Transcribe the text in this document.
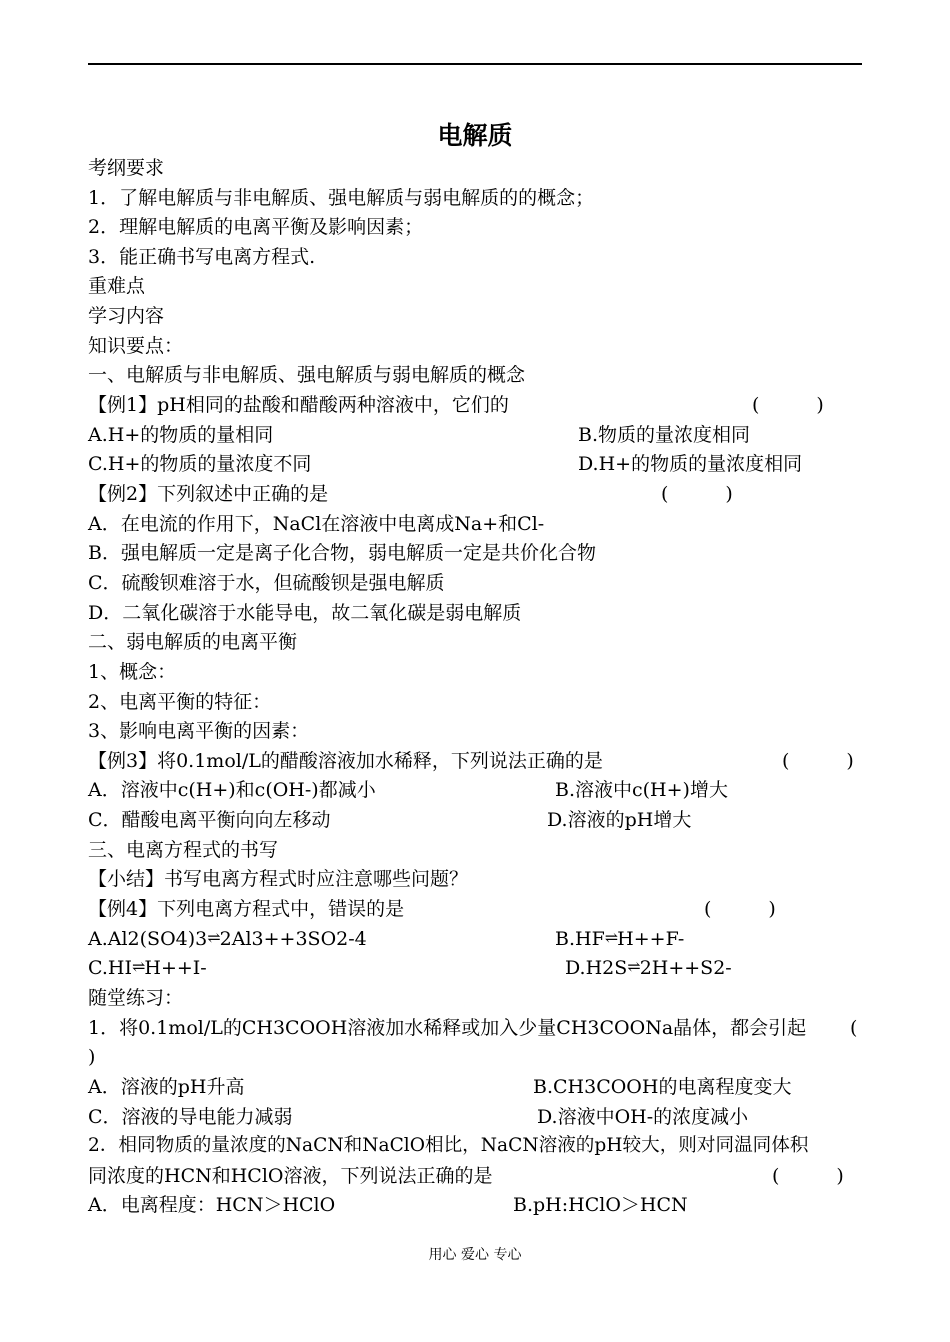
电解质
考纲要求
1．了解电解质与非电解质、强电解质与弱电解质的的概念；
2．理解电解质的电离平衡及影响因素；
3．能正确书写电离方程式.
重难点
学习内容
知识要点：
一、电解质与非电解质、强电解质与弱电解质的概念
【例1】pH相同的盐酸和醋酸两种溶液中，它们的	(　　　)
A.H+的物质的量相同	B.物质的量浓度相同
C.H+的物质的量浓度不同	D.H+的物质的量浓度相同
【例2】下列叙述中正确的是	(　　　)
A．在电流的作用下，NaCl在溶液中电离成Na+和Cl-
B．强电解质一定是离子化合物，弱电解质一定是共价化合物
C．硫酸钡难溶于水，但硫酸钡是强电解质
D．二氧化碳溶于水能导电，故二氧化碳是弱电解质
二、弱电解质的电离平衡
1、概念：
2、电离平衡的特征：
3、影响电离平衡的因素：
【例3】将0.1mol/L的醋酸溶液加水稀释，下列说法正确的是	(　　　)
A．溶液中c(H+)和c(OH-)都减小	B.溶液中c(H+)增大
C．醋酸电离平衡向向左移动	D.溶液的pH增大
三、电离方程式的书写
【小结】书写电离方程式时应注意哪些问题？
【例4】下列电离方程式中，错误的是	(　　　)
A.Al2(SO4)3⇌2Al3++3SO2-4	B.HF⇌H++F-
C.HI⇌H++I-	D.H2S⇌2H++S2-
随堂练习：
1．将0.1mol/L的CH3COOH溶液加水稀释或加入少量CH3COONa晶体，都会引起 (
)
A．溶液的pH升高	B.CH3COOH的电离程度变大
C．溶液的导电能力减弱	D.溶液中OH-的浓度减小
2．相同物质的量浓度的NaCN和NaClO相比，NaCN溶液的pH较大，则对同温同体积
同浓度的HCN和HClO溶液，下列说法正确的是	(　　　)
A．电离程度：HCN＞HClO	B.pH:HClO＞HCN
用心 爱心 专心
